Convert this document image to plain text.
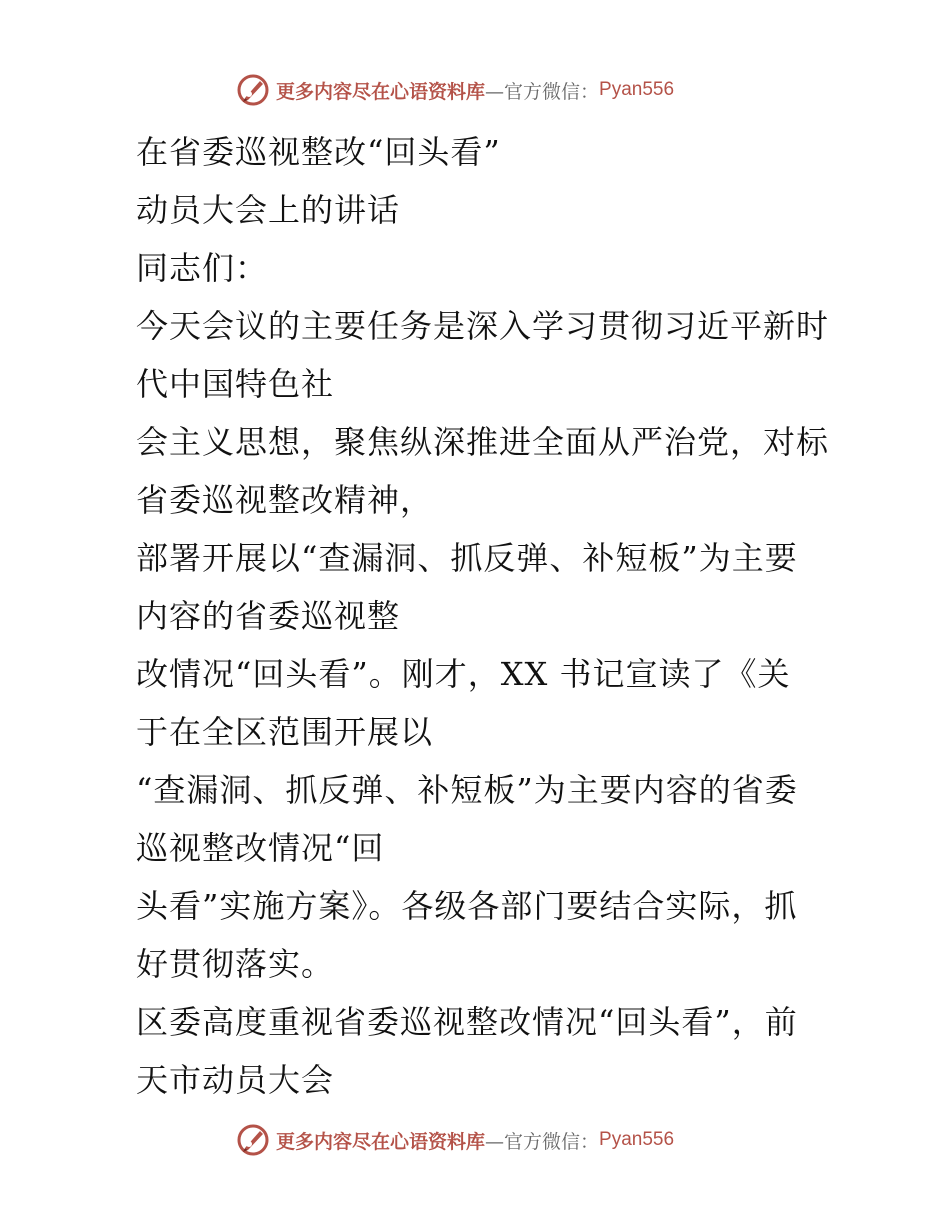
更多内容尽在心语资料库 —官方微信： Pyan556

在省委巡视整改“回头看”

动员大会上的讲话

同志们：

今天会议的主要任务是深入学习贯彻习近平新时

代中国特色社

会主义思想，聚焦纵深推进全面从严治党，对标

省委巡视整改精神，

部署开展以“查漏洞、抓反弹、补短板”为主要

内容的省委巡视整

改情况“回头看”。刚才，XX 书记宣读了《关

于在全区范围开展以

“查漏洞、抓反弹、补短板”为主要内容的省委

巡视整改情况“回

头看”实施方案》。各级各部门要结合实际，抓

好贯彻落实。

区委高度重视省委巡视整改情况“回头看”，前

天市动员大会

更多内容尽在心语资料库 —官方微信： Pyan556
